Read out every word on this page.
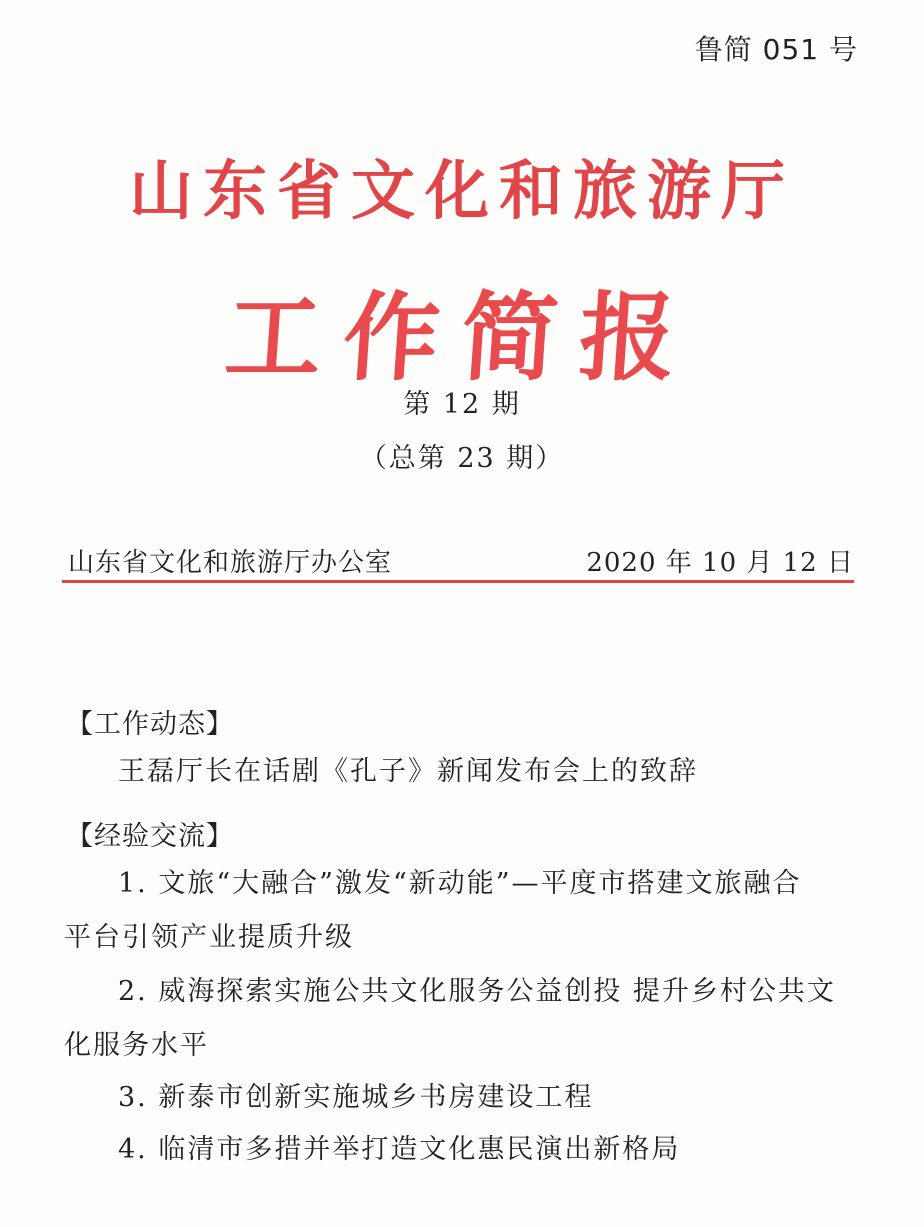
鲁简 051 号
山东省文化和旅游厅
工作简报
第 12 期
（总第 23 期）
山东省文化和旅游厅办公室	2020 年 10 月 12 日
【工作动态】
王磊厅长在话剧《孔子》新闻发布会上的致辞
【经验交流】
1. 文旅“大融合”激发“新动能”—平度市搭建文旅融合
平台引领产业提质升级
2. 威海探索实施公共文化服务公益创投 提升乡村公共文
化服务水平
3. 新泰市创新实施城乡书房建设工程
4. 临清市多措并举打造文化惠民演出新格局
